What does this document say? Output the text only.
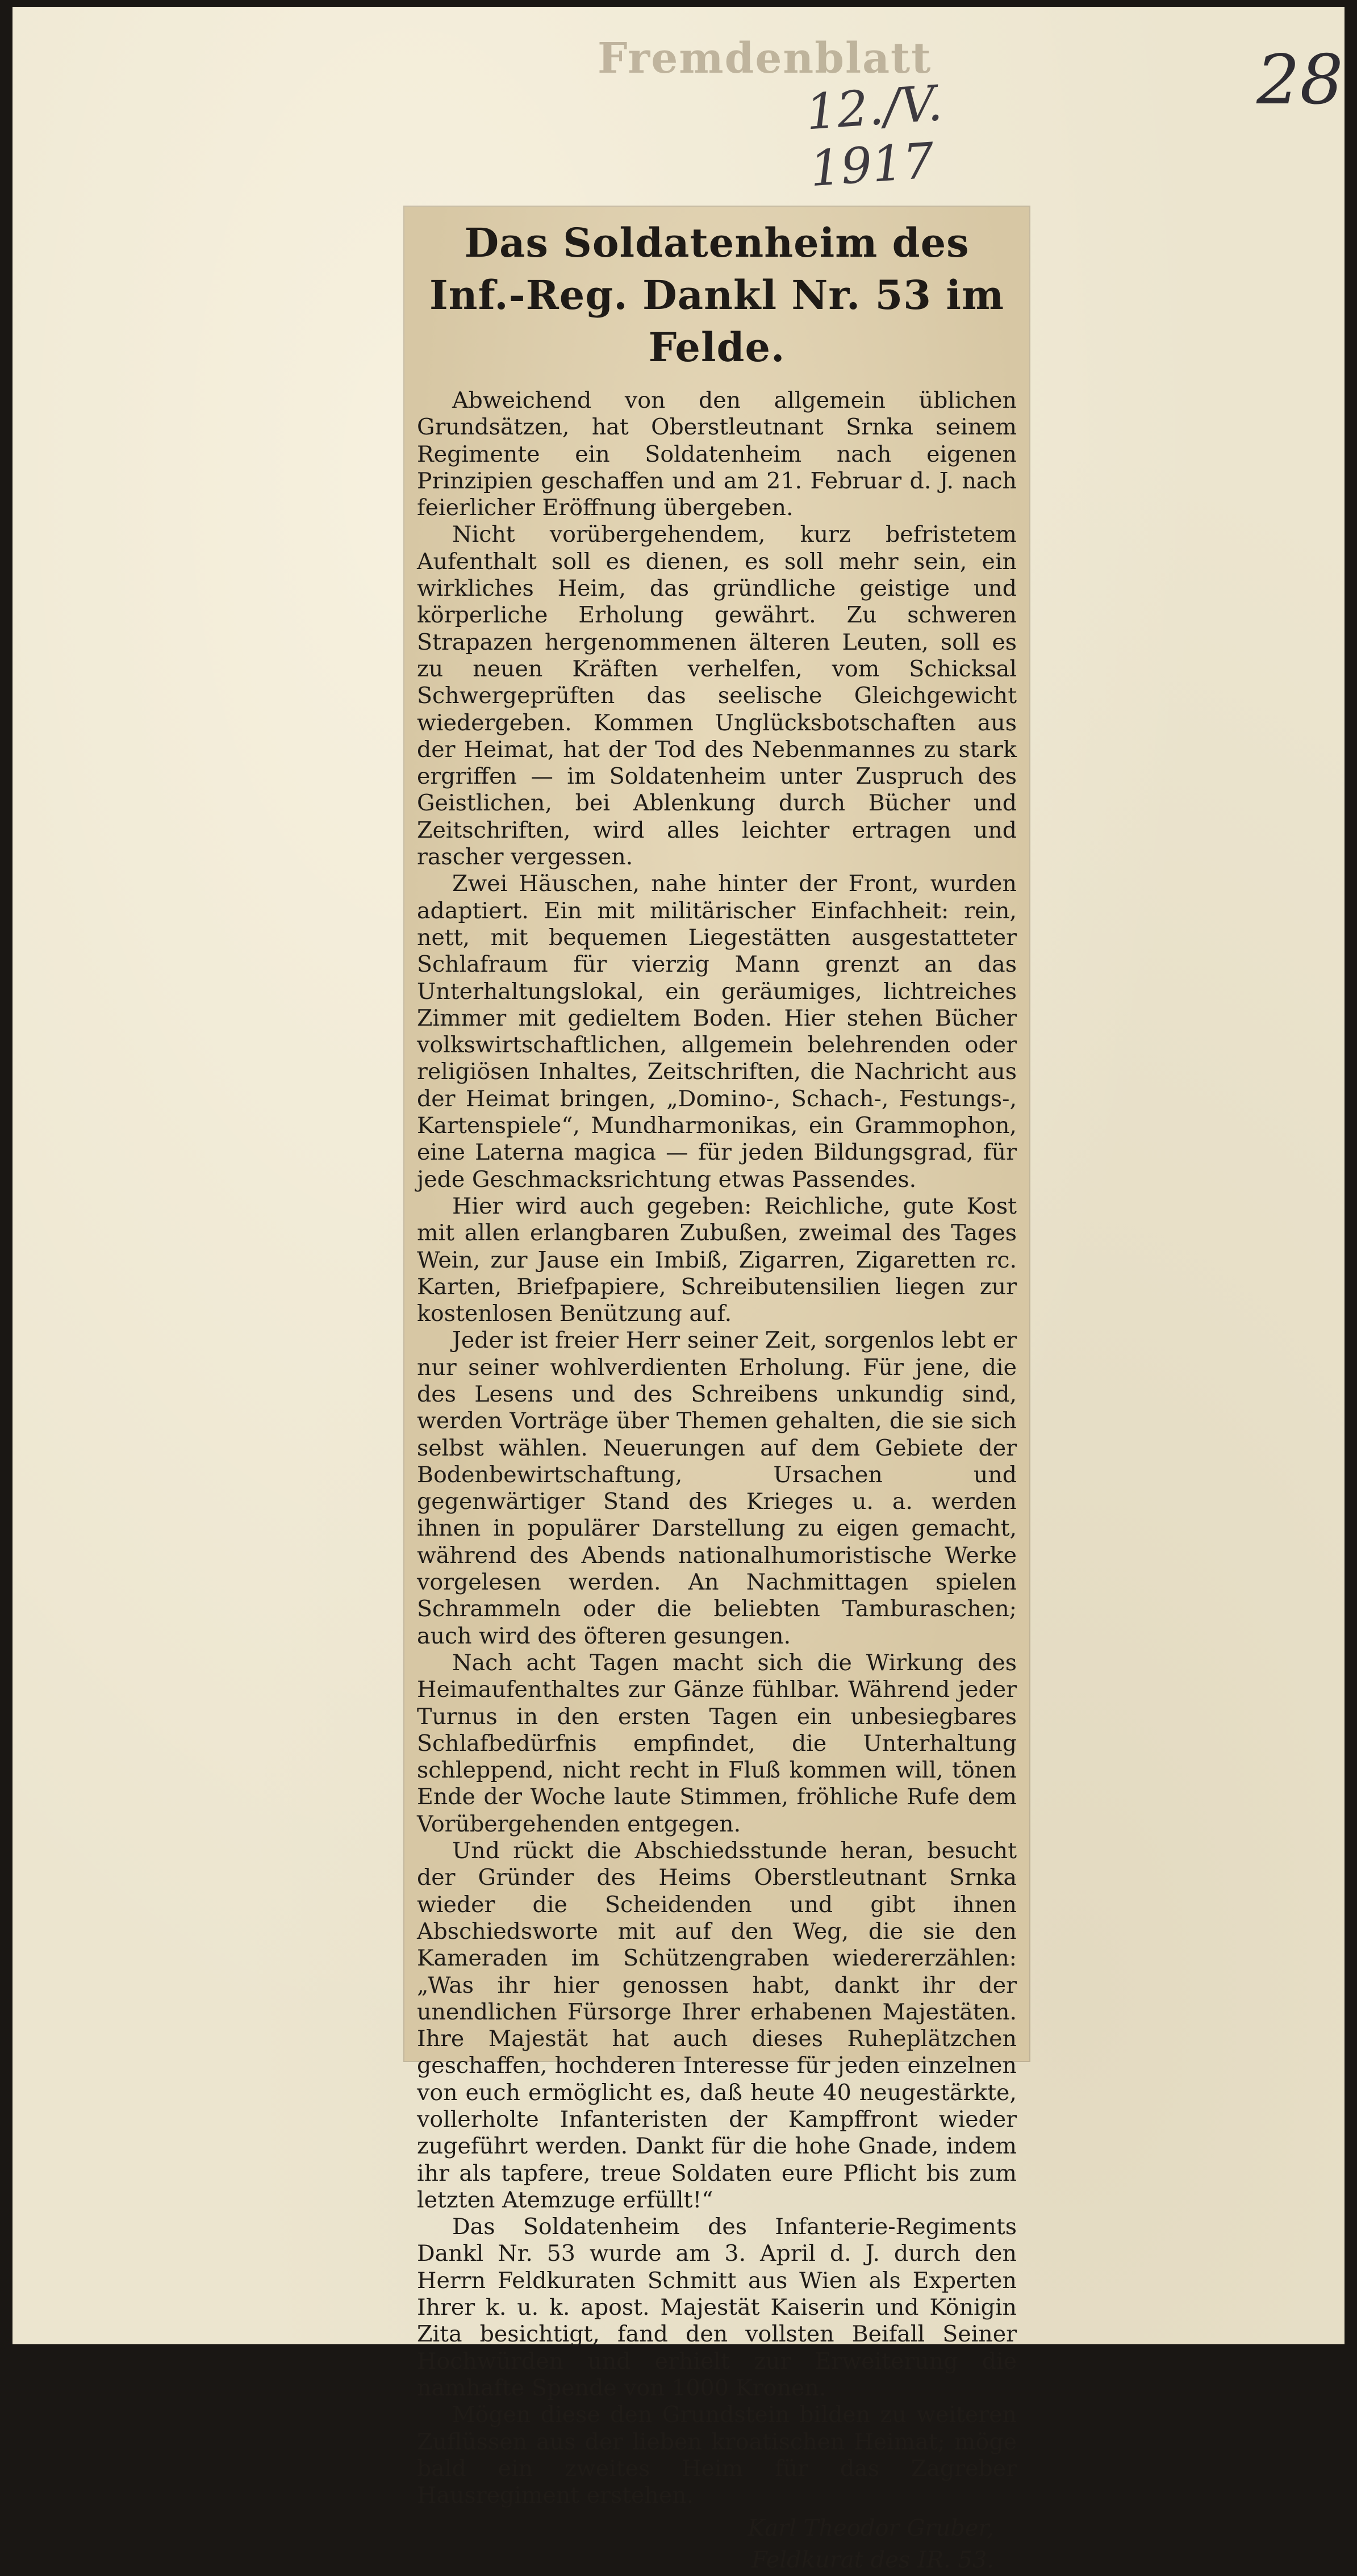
Fremdenblatt
12./V. 1917
28
Das Soldatenheim des Inf.-Reg. Dankl Nr. 53 im Felde.

Abweichend von den allgemein üblichen Grundsätzen, hat Oberstleutnant Srnka seinem Regimente ein Soldatenheim nach eigenen Prinzipien geschaffen und am 21. Februar d. J. nach feierlicher Eröffnung übergeben.

Nicht vorübergehendem, kurz befristetem Aufenthalt soll es dienen, es soll mehr sein, ein wirkliches Heim, das gründliche geistige und körperliche Erholung gewährt. Zu schweren Strapazen hergenommenen älteren Leuten, soll es zu neuen Kräften verhelfen, vom Schicksal Schwergeprüften das seelische Gleichgewicht wiedergeben. Kommen Unglücksbotschaften aus der Heimat, hat der Tod des Nebenmannes zu stark ergriffen — im Soldatenheim unter Zuspruch des Geistlichen, bei Ablenkung durch Bücher und Zeitschriften, wird alles leichter ertragen und rascher vergessen.

Zwei Häuschen, nahe hinter der Front, wurden adaptiert. Ein mit militärischer Einfachheit: rein, nett, mit bequemen Liegestätten ausgestatteter Schlafraum für vierzig Mann grenzt an das Unterhaltungslokal, ein geräumiges, lichtreiches Zimmer mit gedieltem Boden. Hier stehen Bücher volkswirtschaftlichen, allgemein belehrenden oder religiösen Inhaltes, Zeitschriften, die Nachricht aus der Heimat bringen, „Domino-, Schach-, Festungs-, Kartenspiele“, Mundharmonikas, ein Grammophon, eine Laterna magica — für jeden Bildungsgrad, für jede Geschmacksrichtung etwas Passendes.

Hier wird auch gegeben: Reichliche, gute Kost mit allen erlangbaren Zubußen, zweimal des Tages Wein, zur Jause ein Imbiß, Zigarren, Zigaretten rc. Karten, Briefpapiere, Schreibutensilien liegen zur kostenlosen Benützung auf.

Jeder ist freier Herr seiner Zeit, sorgenlos lebt er nur seiner wohlverdienten Erholung. Für jene, die des Lesens und des Schreibens unkundig sind, werden Vorträge über Themen gehalten, die sie sich selbst wählen. Neuerungen auf dem Gebiete der Bodenbewirtschaftung, Ursachen und gegenwärtiger Stand des Krieges u. a. werden ihnen in populärer Darstellung zu eigen gemacht, während des Abends nationalhumoristische Werke vorgelesen werden. An Nachmittagen spielen Schrammeln oder die beliebten Tamburaschen; auch wird des öfteren gesungen.

Nach acht Tagen macht sich die Wirkung des Heimaufenthaltes zur Gänze fühlbar. Während jeder Turnus in den ersten Tagen ein unbesiegbares Schlafbedürfnis empfindet, die Unterhaltung schleppend, nicht recht in Fluß kommen will, tönen Ende der Woche laute Stimmen, fröhliche Rufe dem Vorübergehenden entgegen.

Und rückt die Abschiedsstunde heran, besucht der Gründer des Heims Oberstleutnant Srnka wieder die Scheidenden und gibt ihnen Abschiedsworte mit auf den Weg, die sie den Kameraden im Schützengraben wiedererzählen: „Was ihr hier genossen habt, dankt ihr der unendlichen Fürsorge Ihrer erhabenen Majestäten. Ihre Majestät hat auch dieses Ruheplätzchen geschaffen, hochderen Interesse für jeden einzelnen von euch ermöglicht es, daß heute 40 neugestärkte, vollerholte Infanteristen der Kampffront wieder zugeführt werden. Dankt für die hohe Gnade, indem ihr als tapfere, treue Soldaten eure Pflicht bis zum letzten Atemzuge erfüllt!“

Das Soldatenheim des Infanterie-Regiments Dankl Nr. 53 wurde am 3. April d. J. durch den Herrn Feldkuraten Schmitt aus Wien als Experten Ihrer k. u. k. apost. Majestät Kaiserin und Königin Zita besichtigt, fand den vollsten Beifall Seiner Hochwürden und erhielt zur Erweiterung die namhafte Spende von 1000 Kronen.

Mögen diese den Grundstein bilden zu weiteren Zuflüssen aus der lieben kroatischen Heimat; möge bald ein zweites Heim für das Zagreber Hausregiment erstehen.

Karl Theodor Gruber,
Feldkurat des IR. 53.
